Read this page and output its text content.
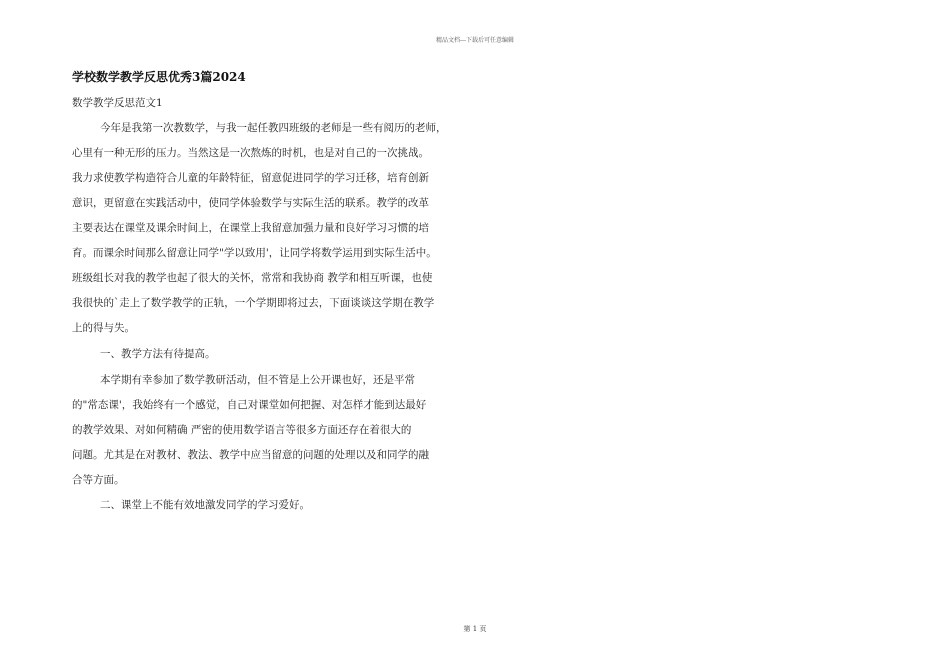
精品文档---下载后可任意编辑
学校数学教学反思优秀3篇2024
数学教学反思范文1
今年是我第一次教数学，与我一起任教四班级的老师是一些有阅历的老师，
心里有一种无形的压力。当然这是一次熬炼的时机，也是对自己的一次挑战。
我力求使教学构造符合儿童的年龄特征，留意促进同学的学习迁移，培育创新
意识，更留意在实践活动中，使同学体验数学与实际生活的联系。教学的改革
主要表达在课堂及课余时间上，在课堂上我留意加强力量和良好学习习惯的培
育。而课余时间那么留意让同学"学以致用'，让同学将数学运用到实际生活中。
班级组长对我的教学也起了很大的关怀，常常和我协商 教学和相互听课，也使
我很快的`走上了数学教学的正轨，一个学期即将过去，下面谈谈这学期在教学
上的得与失。
一、教学方法有待提高。
本学期有幸参加了数学教研活动，但不管是上公开课也好，还是平常
的"常态课'，我始终有一个感觉，自己对课堂如何把握、对怎样才能到达最好
的教学效果、对如何精确 严密的使用数学语言等很多方面还存在着很大的
问题。尤其是在对教材、教法、教学中应当留意的问题的处理以及和同学的融
合等方面。
二、课堂上不能有效地激发同学的学习爱好。
第 1 页
